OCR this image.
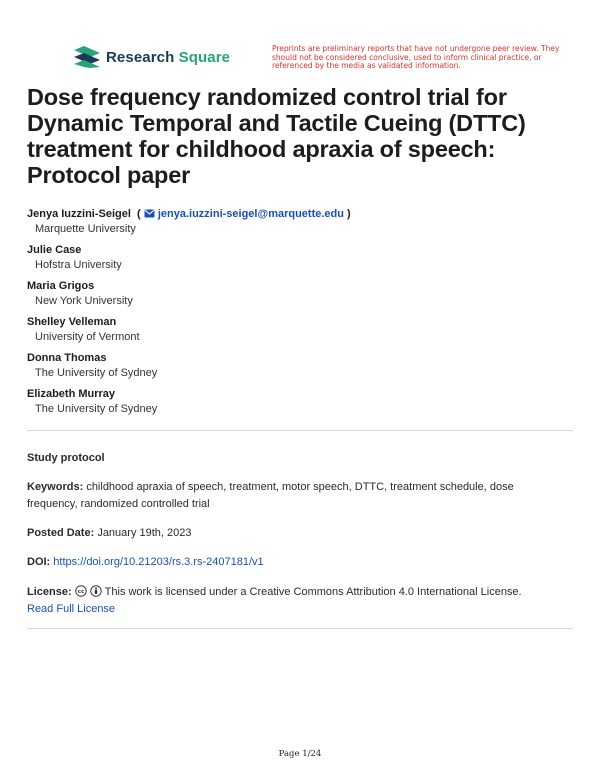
Research Square	Preprints are preliminary reports that have not undergone peer review. They should not be considered conclusive, used to inform clinical practice, or referenced by the media as validated information.
Dose frequency randomized control trial for Dynamic Temporal and Tactile Cueing (DTTC) treatment for childhood apraxia of speech: Protocol paper
Jenya Iuzzini-Seigel  (  jenya.iuzzini-seigel@marquette.edu )
Marquette University
Julie Case
Hofstra University
Maria Grigos
New York University
Shelley Velleman
University of Vermont
Donna Thomas
The University of Sydney
Elizabeth Murray
The University of Sydney
Study protocol
Keywords: childhood apraxia of speech, treatment, motor speech, DTTC, treatment schedule, dose frequency, randomized controlled trial
Posted Date: January 19th, 2023
DOI: https://doi.org/10.21203/rs.3.rs-2407181/v1
License: cc This work is licensed under a Creative Commons Attribution 4.0 International License.
Read Full License
Page 1/24
